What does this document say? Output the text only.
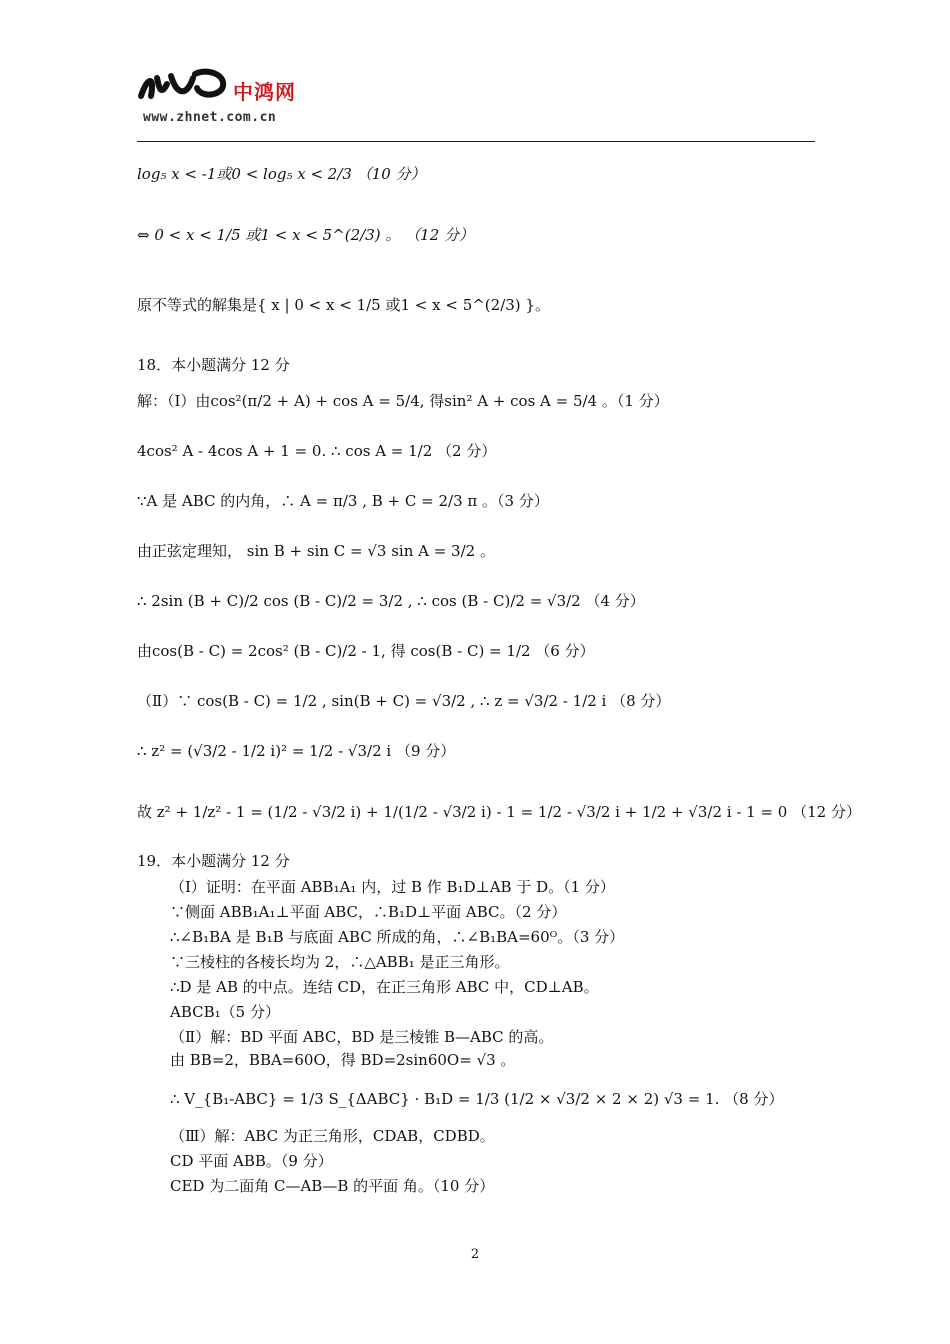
中鸿网
www.zhnet.com.cn
log₅ x < -1或0 < log₅ x < 2/3 （10 分）
⇔ 0 < x < 1/5 或1 < x < 5^(2/3) 。 （12 分）
原不等式的解集是{ x | 0 < x < 1/5 或1 < x < 5^(2/3) }。
18．本小题满分 12 分
解：（Ⅰ）由cos²(π/2 + A) + cos A = 5/4, 得sin² A + cos A = 5/4 。（1 分）
4cos² A - 4cos A + 1 = 0. ∴ cos A = 1/2 （2 分）
∵A 是 ABC 的内角，∴ A = π/3 , B + C = 2/3 π 。（3 分）
由正弦定理知， sin B + sin C = √3 sin A = 3/2 。
∴ 2sin (B + C)/2 cos (B - C)/2 = 3/2 , ∴ cos (B - C)/2 = √3/2 （4 分）
由cos(B - C) = 2cos² (B - C)/2 - 1, 得 cos(B - C) = 1/2 （6 分）
（Ⅱ）∵ cos(B - C) = 1/2 , sin(B + C) = √3/2 , ∴ z = √3/2 - 1/2 i （8 分）
∴ z² = (√3/2 - 1/2 i)² = 1/2 - √3/2 i （9 分）
故 z² + 1/z² - 1 = (1/2 - √3/2 i) + 1/(1/2 - √3/2 i) - 1 = 1/2 - √3/2 i + 1/2 + √3/2 i - 1 = 0 （12 分）
19．本小题满分 12 分
（Ⅰ）证明：在平面 ABB₁A₁ 内，过 B 作 B₁D⊥AB 于 D。（1 分）
∵侧面 ABB₁A₁⊥平面 ABC，∴B₁D⊥平面 ABC。（2 分）
∴∠B₁BA 是 B₁B 与底面 ABC 所成的角，∴∠B₁BA=60ᴼ。（3 分）
∵三棱柱的各棱长均为 2，∴△ABB₁ 是正三角形。
∴D 是 AB 的中点。连结 CD，在正三角形 ABC 中，CD⊥AB。
ABCB₁（5 分）
（Ⅱ）解：BD 平面 ABC，BD 是三棱锥 B—ABC 的高。
由 BB=2，BBA=60O，得 BD=2sin60O= √3 。
∴ V_{B₁-ABC} = 1/3 S_{ΔABC} · B₁D = 1/3 (1/2 × √3/2 × 2 × 2) √3 = 1. （8 分）
（Ⅲ）解：ABC 为正三角形，CDAB，CDBD。
CD 平面 ABB。（9 分）
CED 为二面角 C—AB—B 的平面 角。（10 分）
2
